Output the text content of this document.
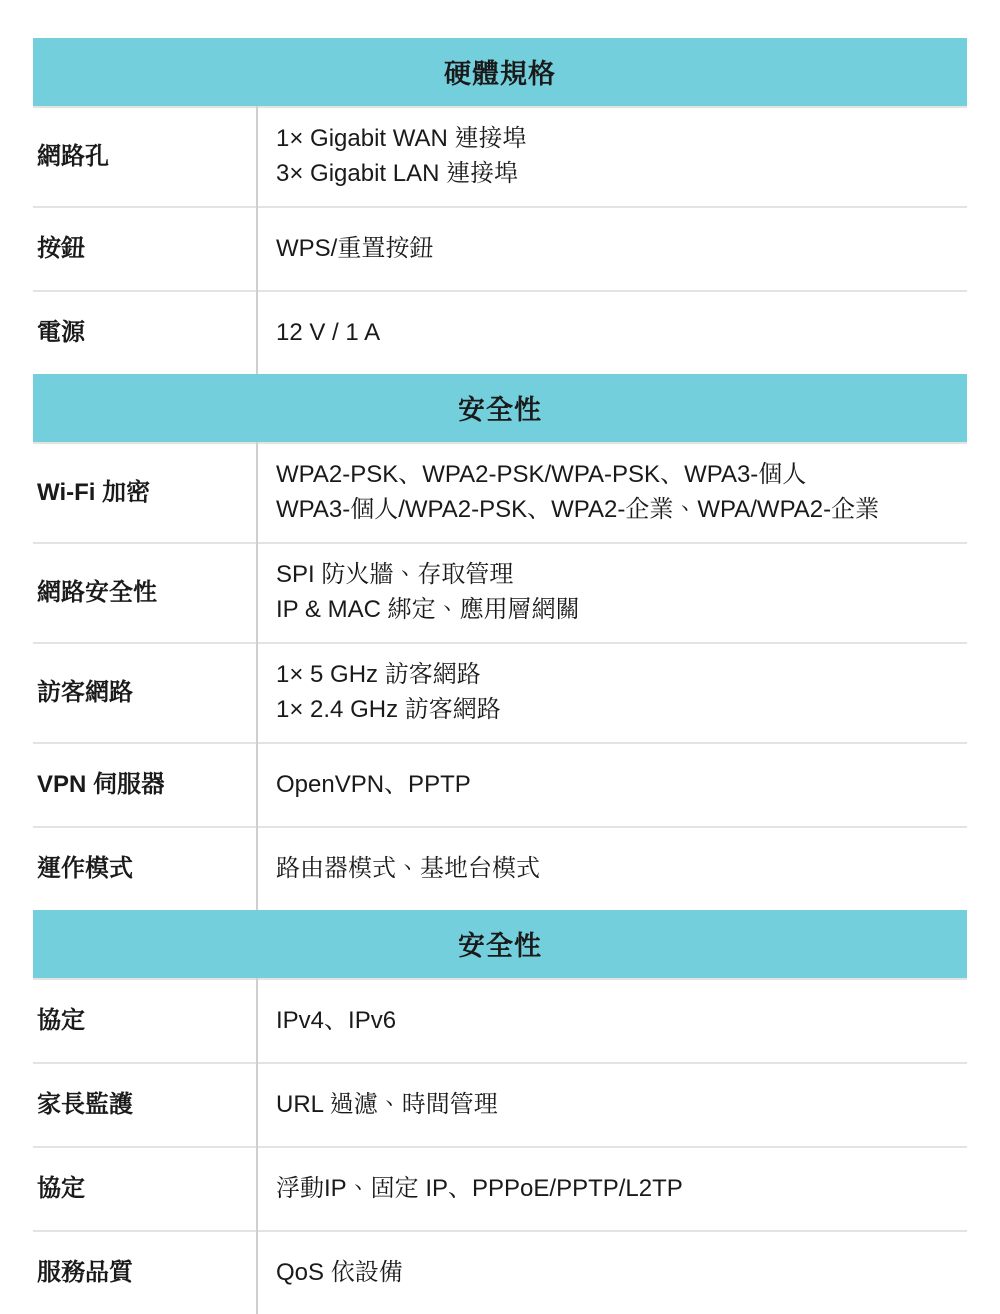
硬體規格	
網路孔	1× Gigabit WAN 連接埠
3× Gigabit LAN 連接埠

按鈕	WPS/重置按鈕

電源	12 V / 1 A

安全性	
Wi-Fi 加密	WPA2-PSK、WPA2-PSK/WPA-PSK、WPA3-個人
WPA3-個人/WPA2-PSK、WPA2-企業、WPA/WPA2-企業

網路安全性	SPI 防火牆、存取管理
IP & MAC 綁定、應用層網關

訪客網路	1× 5 GHz 訪客網路
1× 2.4 GHz 訪客網路

VPN 伺服器	OpenVPN、PPTP

運作模式	路由器模式、基地台模式

安全性	
協定	IPv4、IPv6

家長監護	URL 過濾、時間管理

協定	浮動IP、固定 IP、PPPoE/PPTP/L2TP

服務品質	QoS 依設備
